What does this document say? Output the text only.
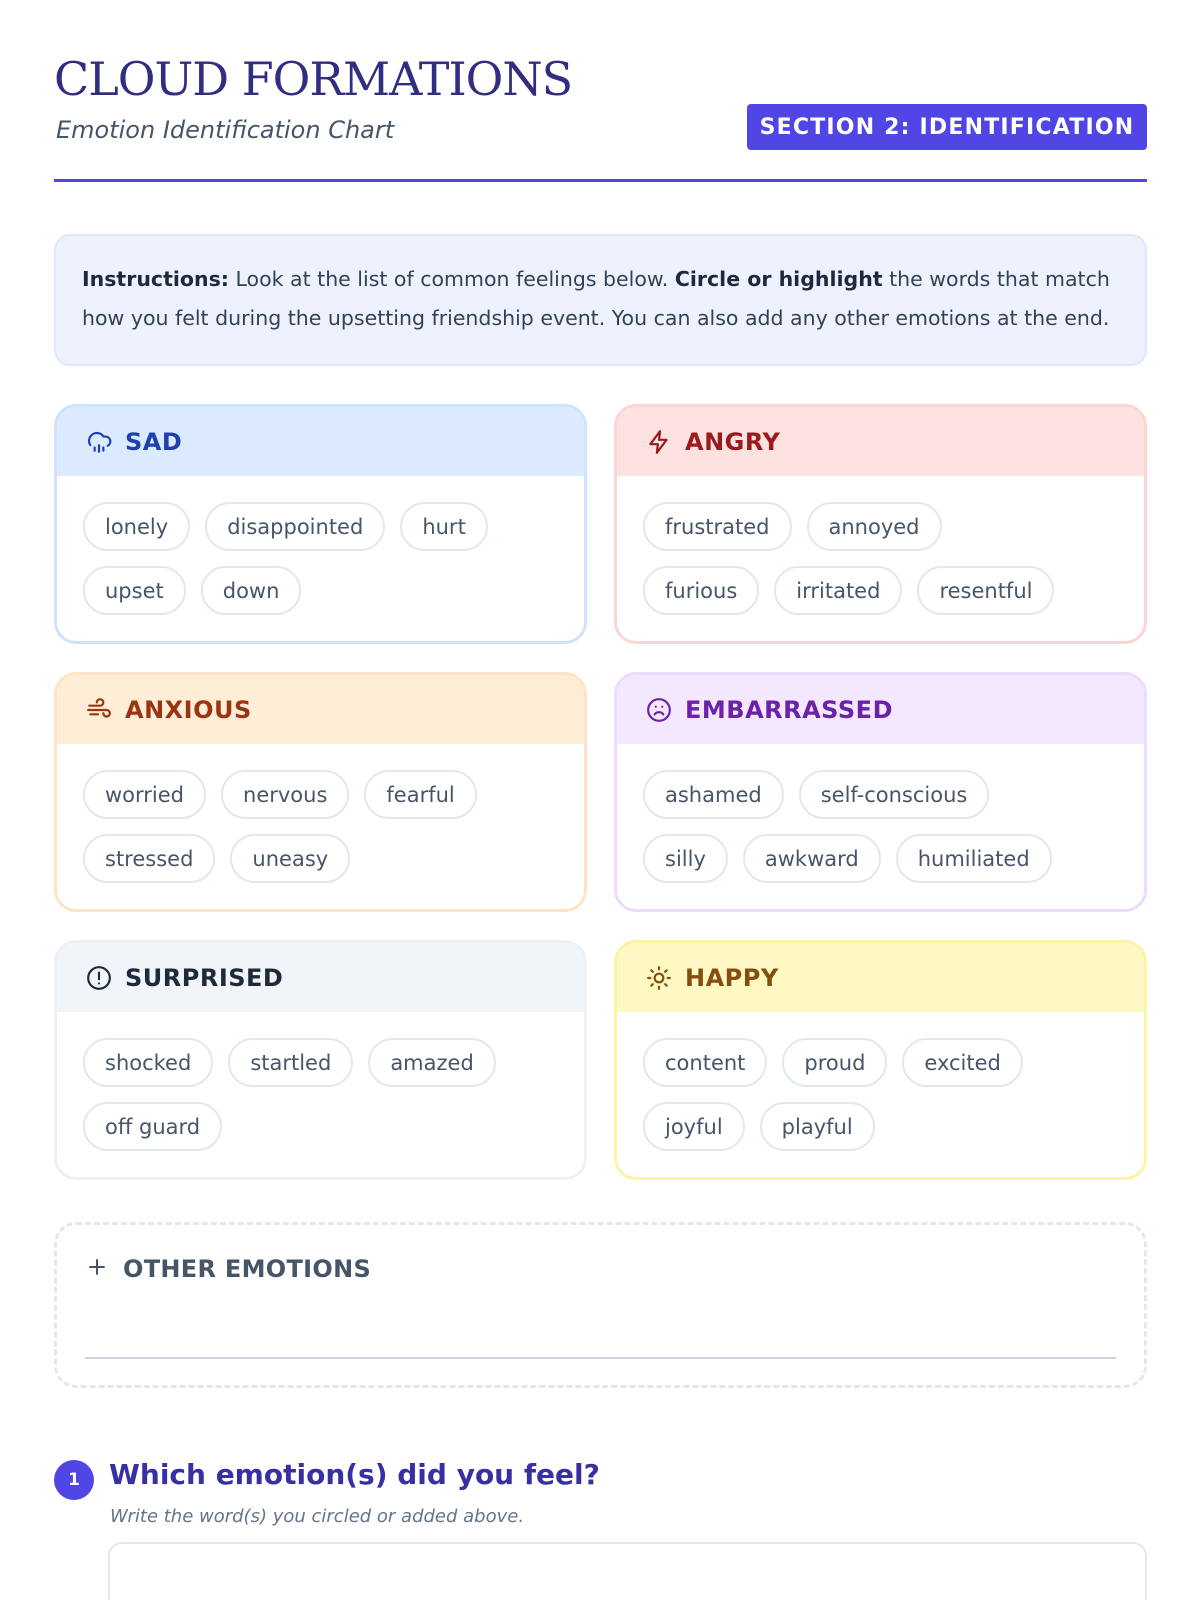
CLOUD FORMATIONS
Emotion Identification Chart	SECTION 2: IDENTIFICATION
Instructions: Look at the list of common feelings below. Circle or highlight the words that match how you felt during the upsetting friendship event. You can also add any other emotions at the end.
SAD
lonely	disappointed	hurt
upset	down
ANGRY
frustrated	annoyed
furious	irritated	resentful
ANXIOUS
worried	nervous	fearful
stressed	uneasy
EMBARRASSED
ashamed	self-conscious
silly	awkward	humiliated
SURPRISED
shocked	startled	amazed
off guard
HAPPY
content	proud	excited
joyful	playful
OTHER EMOTIONS
1	Which emotion(s) did you feel?
Write the word(s) you circled or added above.
